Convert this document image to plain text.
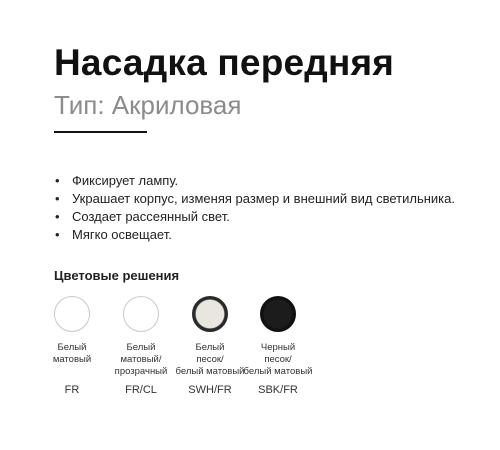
Насадка передняя
Тип: Акриловая
• Фиксирует лампу.
• Украшает корпус, изменяя размер и внешний вид светильника.
• Создает рассеянный свет.
• Мягко освещает.
Цветовые решения
Белый
матовый
FR
Белый
матовый/
прозрачный
FR/CL
Белый
песок/
белый матовый
SWH/FR
Черный
песок/
белый матовый
SBK/FR
